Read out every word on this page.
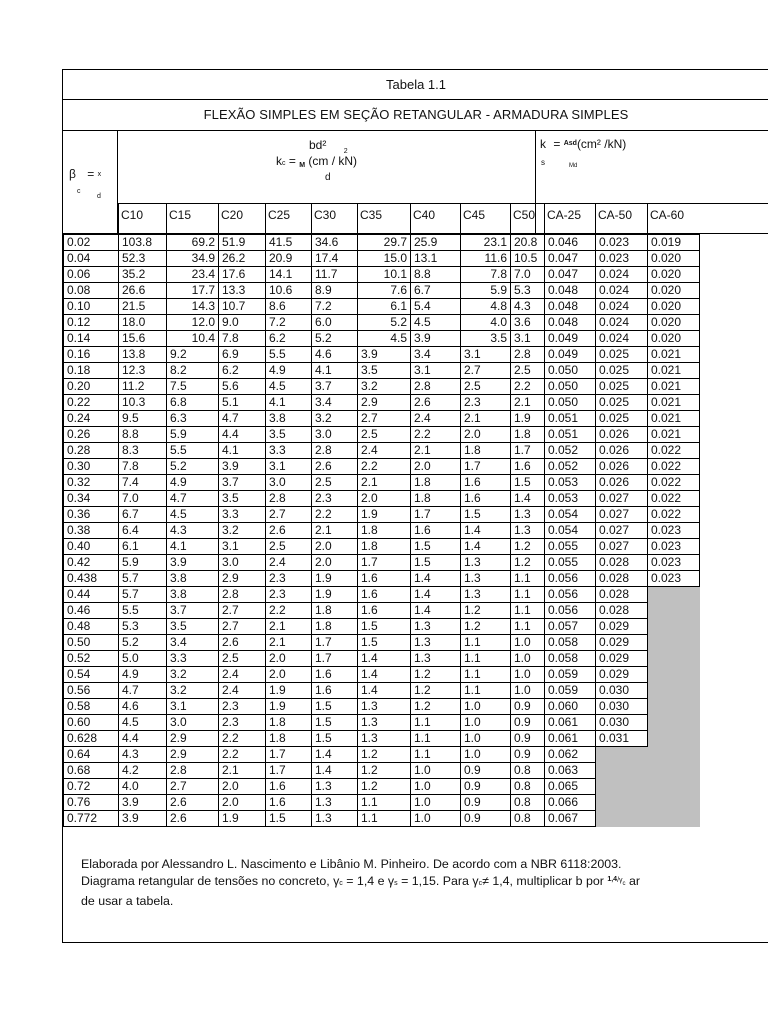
Tabela 1.1
FLEXÃO SIMPLES EM SEÇÃO RETANGULAR - ARMADURA SIMPLES
β = x
c
d
bd² $_2$
kc = M (cm / kN)
d
k = $^{Asd}$(cm² /kN)
s	Md
C10 C15 C20 C25 C30 C35	C40 C45 C50 CA-25 CA-50 CA-60
0.02	103.8	69.2	51.9	41.5	34.6	29.7	25.9	23.1	20.8	0.046	0.023	0.019
0.04	52.3	34.9	26.2	20.9	17.4	15.0	13.1	11.6	10.5	0.047	0.023	0.020
0.06	35.2	23.4	17.6	14.1	11.7	10.1	8.8	7.8	7.0	0.047	0.024	0.020
0.08	26.6	17.7	13.3	10.6	8.9	7.6	6.7	5.9	5.3	0.048	0.024	0.020
0.10	21.5	14.3	10.7	8.6	7.2	6.1	5.4	4.8	4.3	0.048	0.024	0.020
0.12	18.0	12.0	9.0	7.2	6.0	5.2	4.5	4.0	3.6	0.048	0.024	0.020
0.14	15.6	10.4	7.8	6.2	5.2	4.5	3.9	3.5	3.1	0.049	0.024	0.020
0.16	13.8	9.2	6.9	5.5	4.6	3.9	3.4	3.1	2.8	0.049	0.025	0.021
0.18	12.3	8.2	6.2	4.9	4.1	3.5	3.1	2.7	2.5	0.050	0.025	0.021
0.20	11.2	7.5	5.6	4.5	3.7	3.2	2.8	2.5	2.2	0.050	0.025	0.021
0.22	10.3	6.8	5.1	4.1	3.4	2.9	2.6	2.3	2.1	0.050	0.025	0.021
0.24	9.5	6.3	4.7	3.8	3.2	2.7	2.4	2.1	1.9	0.051	0.025	0.021
0.26	8.8	5.9	4.4	3.5	3.0	2.5	2.2	2.0	1.8	0.051	0.026	0.021
0.28	8.3	5.5	4.1	3.3	2.8	2.4	2.1	1.8	1.7	0.052	0.026	0.022
0.30	7.8	5.2	3.9	3.1	2.6	2.2	2.0	1.7	1.6	0.052	0.026	0.022
0.32	7.4	4.9	3.7	3.0	2.5	2.1	1.8	1.6	1.5	0.053	0.026	0.022
0.34	7.0	4.7	3.5	2.8	2.3	2.0	1.8	1.6	1.4	0.053	0.027	0.022
0.36	6.7	4.5	3.3	2.7	2.2	1.9	1.7	1.5	1.3	0.054	0.027	0.022
0.38	6.4	4.3	3.2	2.6	2.1	1.8	1.6	1.4	1.3	0.054	0.027	0.023
0.40	6.1	4.1	3.1	2.5	2.0	1.8	1.5	1.4	1.2	0.055	0.027	0.023
0.42	5.9	3.9	3.0	2.4	2.0	1.7	1.5	1.3	1.2	0.055	0.028	0.023
0.438	5.7	3.8	2.9	2.3	1.9	1.6	1.4	1.3	1.1	0.056	0.028	0.023
0.44	5.7	3.8	2.8	2.3	1.9	1.6	1.4	1.3	1.1	0.056	0.028	
0.46	5.5	3.7	2.7	2.2	1.8	1.6	1.4	1.2	1.1	0.056	0.028	
0.48	5.3	3.5	2.7	2.1	1.8	1.5	1.3	1.2	1.1	0.057	0.029	
0.50	5.2	3.4	2.6	2.1	1.7	1.5	1.3	1.1	1.0	0.058	0.029	
0.52	5.0	3.3	2.5	2.0	1.7	1.4	1.3	1.1	1.0	0.058	0.029	
0.54	4.9	3.2	2.4	2.0	1.6	1.4	1.2	1.1	1.0	0.059	0.029	
0.56	4.7	3.2	2.4	1.9	1.6	1.4	1.2	1.1	1.0	0.059	0.030	
0.58	4.6	3.1	2.3	1.9	1.5	1.3	1.2	1.0	0.9	0.060	0.030	
0.60	4.5	3.0	2.3	1.8	1.5	1.3	1.1	1.0	0.9	0.061	0.030	
0.628	4.4	2.9	2.2	1.8	1.5	1.3	1.1	1.0	0.9	0.061	0.031	
0.64	4.3	2.9	2.2	1.7	1.4	1.2	1.1	1.0	0.9	0.062		
0.68	4.2	2.8	2.1	1.7	1.4	1.2	1.0	0.9	0.8	0.063		
0.72	4.0	2.7	2.0	1.6	1.3	1.2	1.0	0.9	0.8	0.065		
0.76	3.9	2.6	2.0	1.6	1.3	1.1	1.0	0.9	0.8	0.066		
0.772	3.9	2.6	1.9	1.5	1.3	1.1	1.0	0.9	0.8	0.067		
Elaborada por Alessandro L. Nascimento e Libânio M. Pinheiro. De acordo com a NBR 6118:2003.
Diagrama retangular de tensões no concreto, γc = 1,4 e γs = 1,15. Para γc≠ 1,4, multiplicar b por $^{1,4/\gamma}$c ar
de usar a tabela.
